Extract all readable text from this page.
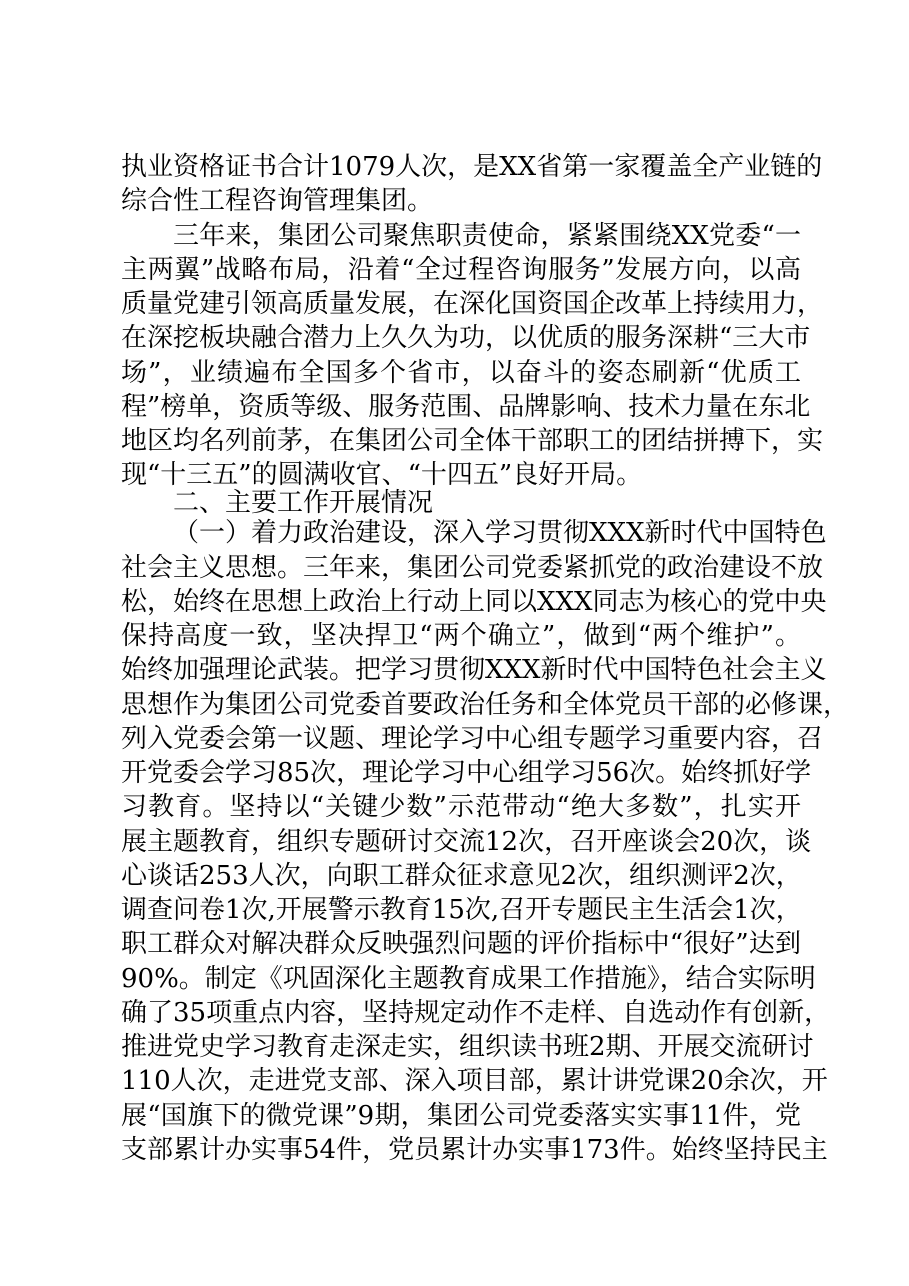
执业资格证书合计1079人次，是XX省第一家覆盖全产业链的
综合性工程咨询管理集团。
三年来，集团公司聚焦职责使命，紧紧围绕XX党委“一
主两翼”战略布局，沿着“全过程咨询服务”发展方向，以高
质量党建引领高质量发展，在深化国资国企改革上持续用力，
在深挖板块融合潜力上久久为功，以优质的服务深耕“三大市
场”，业绩遍布全国多个省市，以奋斗的姿态刷新“优质工
程”榜单，资质等级、服务范围、品牌影响、技术力量在东北
地区均名列前茅，在集团公司全体干部职工的团结拼搏下，实
现“十三五”的圆满收官、“十四五”良好开局。
二、主要工作开展情况
（一）着力政治建设，深入学习贯彻XXX新时代中国特色
社会主义思想。三年来，集团公司党委紧抓党的政治建设不放
松，始终在思想上政治上行动上同以XXX同志为核心的党中央
保持高度一致，坚决捍卫“两个确立”，做到“两个维护”。
始终加强理论武装。把学习贯彻XXX新时代中国特色社会主义
思想作为集团公司党委首要政治任务和全体党员干部的必修课，
列入党委会第一议题、理论学习中心组专题学习重要内容，召
开党委会学习85次，理论学习中心组学习56次。始终抓好学
习教育。坚持以“关键少数”示范带动“绝大多数”，扎实开
展主题教育，组织专题研讨交流12次，召开座谈会20次，谈
心谈话253人次，向职工群众征求意见2次，组织测评2次，
调查问卷1次,开展警示教育15次,召开专题民主生活会1次，
职工群众对解决群众反映强烈问题的评价指标中“很好”达到
90%。制定《巩固深化主题教育成果工作措施》，结合实际明
确了35项重点内容，坚持规定动作不走样、自选动作有创新，
推进党史学习教育走深走实，组织读书班2期、开展交流研讨
110人次，走进党支部、深入项目部，累计讲党课20余次，开
展“国旗下的微党课”9期，集团公司党委落实实事11件，党
支部累计办实事54件，党员累计办实事173件。始终坚持民主
